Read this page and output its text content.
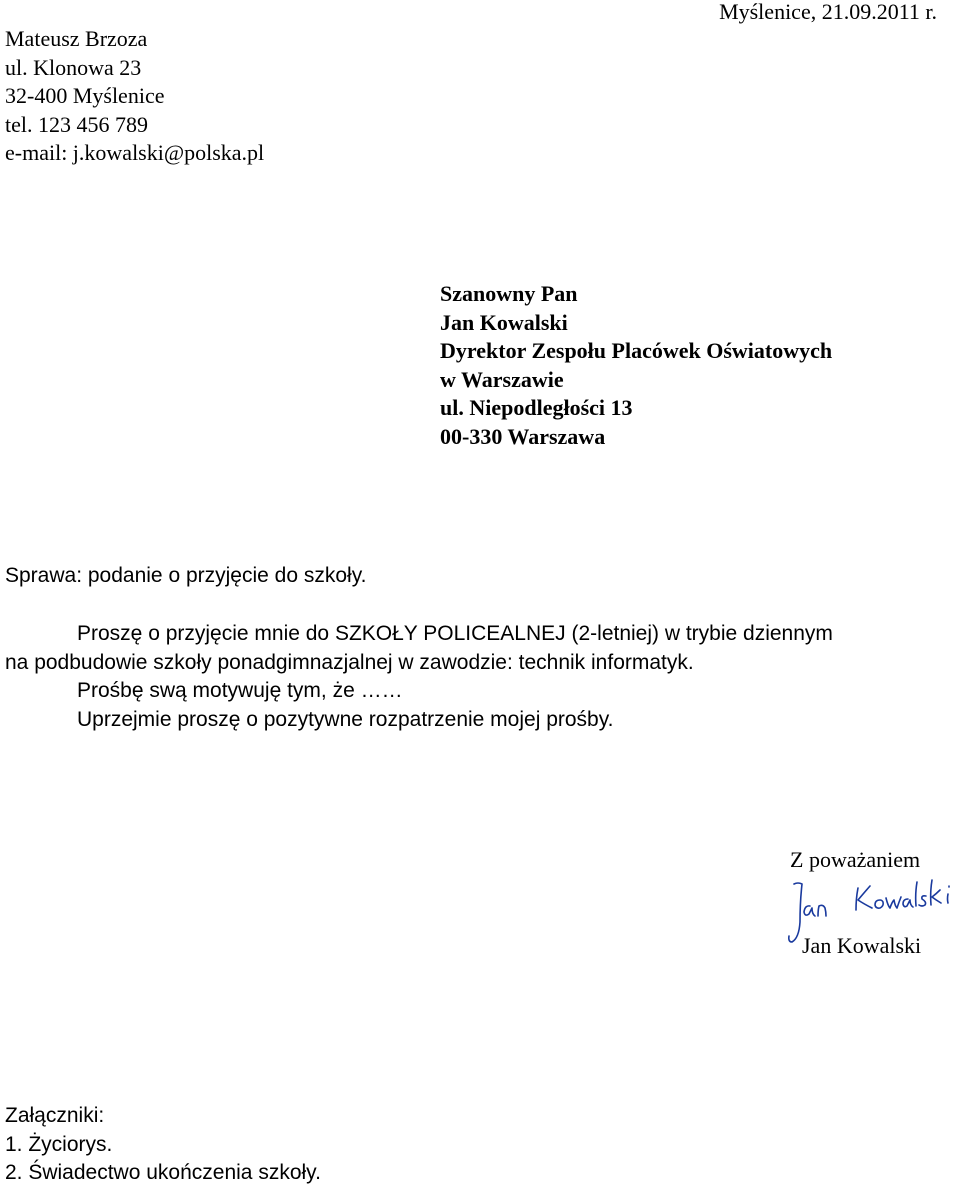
Mateusz Brzoza
ul. Klonowa 23
32-400 Myślenice
tel. 123 456 789
e-mail: j.kowalski@polska.pl
Myślenice, 21.09.2011 r.
Szanowny Pan
Jan Kowalski
Dyrektor Zespołu Placówek Oświatowych
w Warszawie
ul. Niepodległości 13
00-330 Warszawa
Sprawa: podanie o przyjęcie do szkoły.
Proszę o przyjęcie mnie do SZKOŁY POLICEALNEJ (2-letniej) w trybie dziennym
na podbudowie szkoły ponadgimnazjalnej w zawodzie: technik informatyk.
Prośbę swą motywuję tym, że ……
Uprzejmie proszę o pozytywne rozpatrzenie mojej prośby.
Z poważaniem
Jan Kowalski
Załączniki:
1. Życiorys.
2. Świadectwo ukończenia szkoły.
